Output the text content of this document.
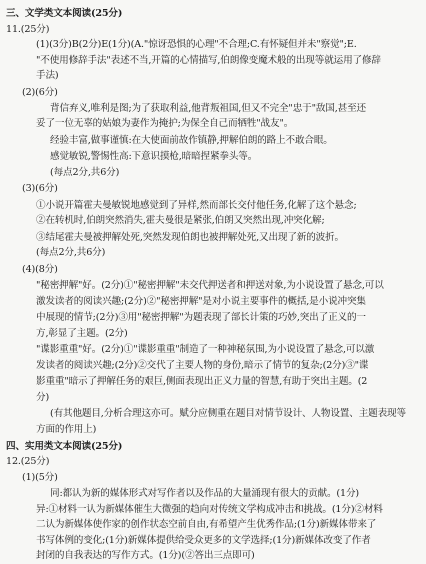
三、文学类文本阅读(25分)
11.(25分)
(1)(3分)B(2分)E(1分)(A."惊讶恐惧的心理"不合理;C.有怀疑但并未"察觉";E.
"不使用修辞手法"表述不当,开篇的心情描写,伯朗像变魔术般的出现等就运用了修辞
手法)
(2)(6分)
背信弃义,唯利是图;为了获取利益,他背叛祖国,但又不完全"忠于"敌国,甚至还
妥了一位无辜的姑娘为妻作为掩护;为保全自己而牺牲"战友"。
经验丰富,做事谨慎:在大使面前故作镇静,押解伯朗的路上不敢合眼。
感觉敏锐,警惕性高:下意识摸枪,暗暗捏紧拳头等。
(每点2分,共6分)
(3)(6分)
①小说开篇霍夫曼敏锐地感觉到了异样,然而部长交付他任务,化解了这个悬念;
②在转机时,伯朗突然消失,霍夫曼很是紧张,伯朗又突然出现,冲突化解;
③结尾霍夫曼被押解处死,突然发现伯朗也被押解处死,又出现了新的波折。
(每点2分,共6分)
(4)(8分)
"秘密押解"好。(2分)①"秘密押解"未交代押送者和押送对象,为小说设置了悬念,可以
激发读者的阅读兴趣;(2分)②"秘密押解"是对小说主要事件的概括,是小说冲突集
中展现的情节;(2分)③用"秘密押解"为题表现了部长计策的巧妙,突出了正义的一
方,彰显了主题。(2分)
"谍影重重"好。(2分)①"谍影重重"制造了一种神秘氛围,为小说设置了悬念,可以激
发读者的阅读兴趣;(2分)②交代了主要人物的身份,暗示了情节的复杂;(2分)③"谍
影重重"暗示了押解任务的艰巨,侧面表现出正义力量的智慧,有助于突出主题。(2
分)
(有其他题目,分析合理这亦可。赋分应侧重在题目对情节设计、人物设置、主题表现等
方面的作用上)
四、实用类文本阅读(25分)
12.(25分)
(1)(5分)
同:都认为新的媒体形式对写作者以及作品的大量涌现有很大的贡献。(1分)
异:①材料一认为新媒体催生大微强的趋向对传统文学构成冲击和挑战。(1分)②材料
二认为新媒体使作家的创作状态空前自由,有希望产生优秀作品;(1分)新媒体带来了
书写体例的变化;(1分)新媒体提供给受众更多的文学选择;(1分)新媒体改变了作者
封闭的自我表达的写作方式。(1分)(②答出三点即可)
